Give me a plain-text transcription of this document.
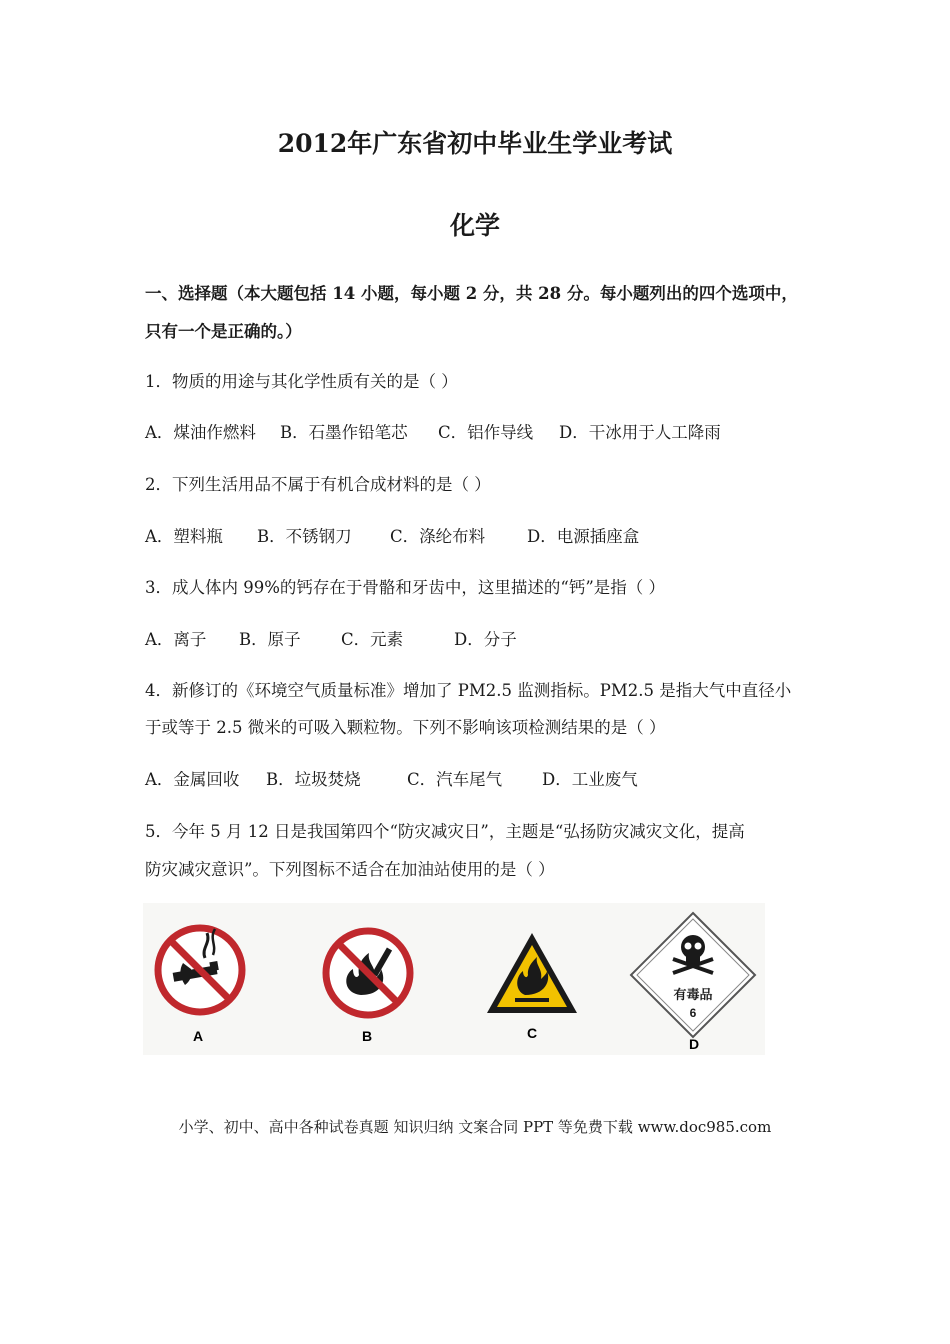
2012年广东省初中毕业生学业考试
化学
一、选择题（本大题包括 14 小题，每小题 2 分，共 28 分。每小题列出的四个选项中，
只有一个是正确的。）
1．物质的用途与其化学性质有关的是（ ）
A．煤油作燃料 B．石墨作铅笔芯 C．铝作导线 D．干冰用于人工降雨
2．下列生活用品不属于有机合成材料的是（ ）
A．塑料瓶 B．不锈钢刀 C．涤纶布料	D．电源插座盒
3．成人体内 99%的钙存在于骨骼和牙齿中，这里描述的“钙”是指（ ）
A．离子 B．原子 C．元素	D．分子
4．新修订的《环境空气质量标准》增加了 PM2.5 监测指标。PM2.5 是指大气中直径小
于或等于 2.5 微米的可吸入颗粒物。下列不影响该项检测结果的是（ ）
A．金属回收 B．垃圾焚烧	C．汽车尾气 D．工业废气
5．今年 5 月 12 日是我国第四个“防灾减灾日”，主题是“弘扬防灾减灾文化，提高
防灾减灾意识”。下列图标不适合在加油站使用的是（ ）
A	B	C
有毒品
6
D
小学、初中、高中各种试卷真题 知识归纳 文案合同 PPT 等免费下载 www.doc985.com
